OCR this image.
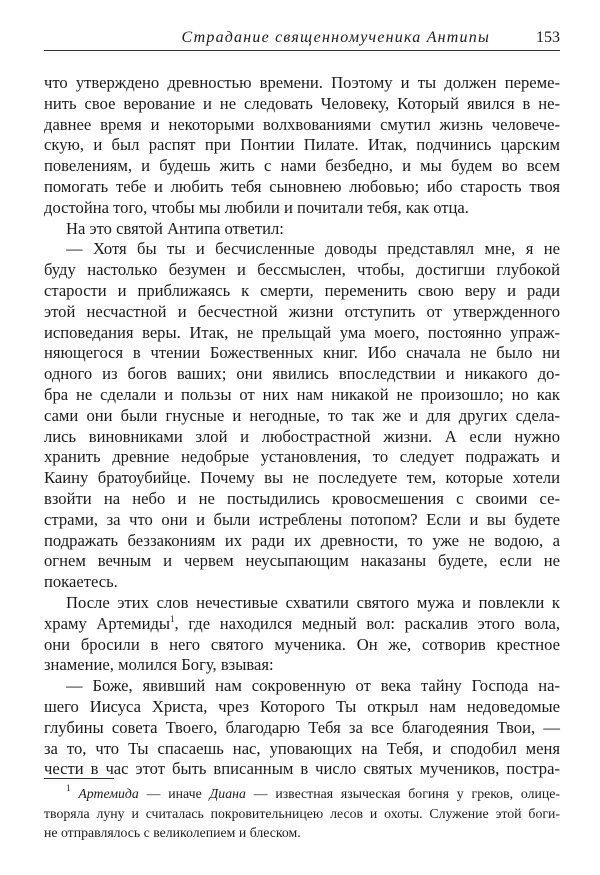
Страдание священномученика Антипы	153
что утверждено древностью времени. Поэтому и ты должен переме-
нить свое верование и не следовать Человеку, Который явился в не-
давнее время и некоторыми волхвованиями смутил жизнь человече-
скую, и был распят при Понтии Пилате. Итак, подчинись царским
повелениям, и будешь жить с нами безбедно, и мы будем во всем
помогать тебе и любить тебя сыновнею любовью; ибо старость твоя
достойна того, чтобы мы любили и почитали тебя, как отца.
На это святой Антипа ответил:
— Хотя бы ты и бесчисленные доводы представлял мне, я не
буду настолько безумен и бессмыслен, чтобы, достигши глубокой
старости и приближаясь к смерти, переменить свою веру и ради
этой несчастной и бесчестной жизни отступить от утвержденного
исповедания веры. Итак, не прельщай ума моего, постоянно упраж-
няющегося в чтении Божественных книг. Ибо сначала не было ни
одного из богов ваших; они явились впоследствии и никакого до-
бра не сделали и пользы от них нам никакой не произошло; но как
сами они были гнусные и негодные, то так же и для других сдела-
лись виновниками злой и любострастной жизни. А если нужно
хранить древние недобрые установления, то следует подражать и
Каину братоубийце. Почему вы не последуете тем, которые хотели
взойти на небо и не постыдились кровосмешения с своими се-
страми, за что они и были истреблены потопом? Если и вы будете
подражать беззакониям их ради их древности, то уже не водою, а
огнем вечным и червем неусыпающим наказаны будете, если не
покаетесь.
После этих слов нечестивые схватили святого мужа и повлекли к
храму Артемиды$^1$, где находился медный вол: раскалив этого вола,
они бросили в него святого мученика. Он же, сотворив крестное
знамение, молился Богу, взывая:
— Боже, явивший нам сокровенную от века тайну Господа на-
шего Иисуса Христа, чрез Которого Ты открыл нам недоведомые
глубины совета Твоего, благодарю Тебя за все благодеяния Твои, —
за то, что Ты спасаешь нас, уповающих на Тебя, и сподобил меня
чести в час этот быть вписанным в число святых мучеников, постра-
$^1$ Артемида — иначе Диана — известная языческая богиня у греков, олице-
творяла луну и считалась покровительницею лесов и охоты. Служение этой боги-
не отправлялось с великолепием и блеском.
